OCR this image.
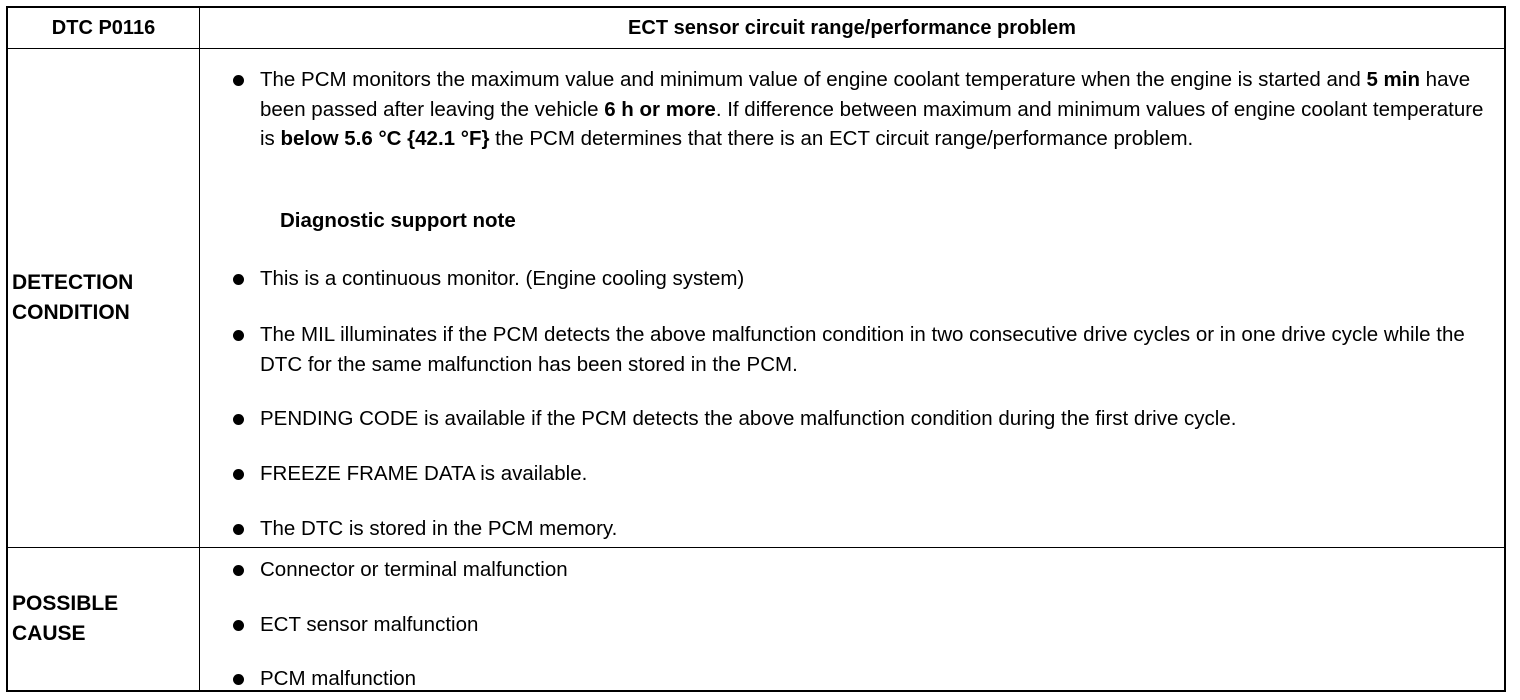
DTC P0116	ECT sensor circuit range/performance problem
DETECTION
CONDITION
The PCM monitors the maximum value and minimum value of engine coolant temperature when the engine is started and 5 min have been passed after leaving the vehicle 6 h or more. If difference between maximum and minimum values of engine coolant temperature is below 5.6 °C {42.1 °F} the PCM determines that there is an ECT circuit range/performance problem.
Diagnostic support note
This is a continuous monitor. (Engine cooling system)
The MIL illuminates if the PCM detects the above malfunction condition in two consecutive drive cycles or in one drive cycle while the DTC for the same malfunction has been stored in the PCM.
PENDING CODE is available if the PCM detects the above malfunction condition during the first drive cycle.
FREEZE FRAME DATA is available.
The DTC is stored in the PCM memory.
POSSIBLE
CAUSE
Connector or terminal malfunction
ECT sensor malfunction
PCM malfunction
